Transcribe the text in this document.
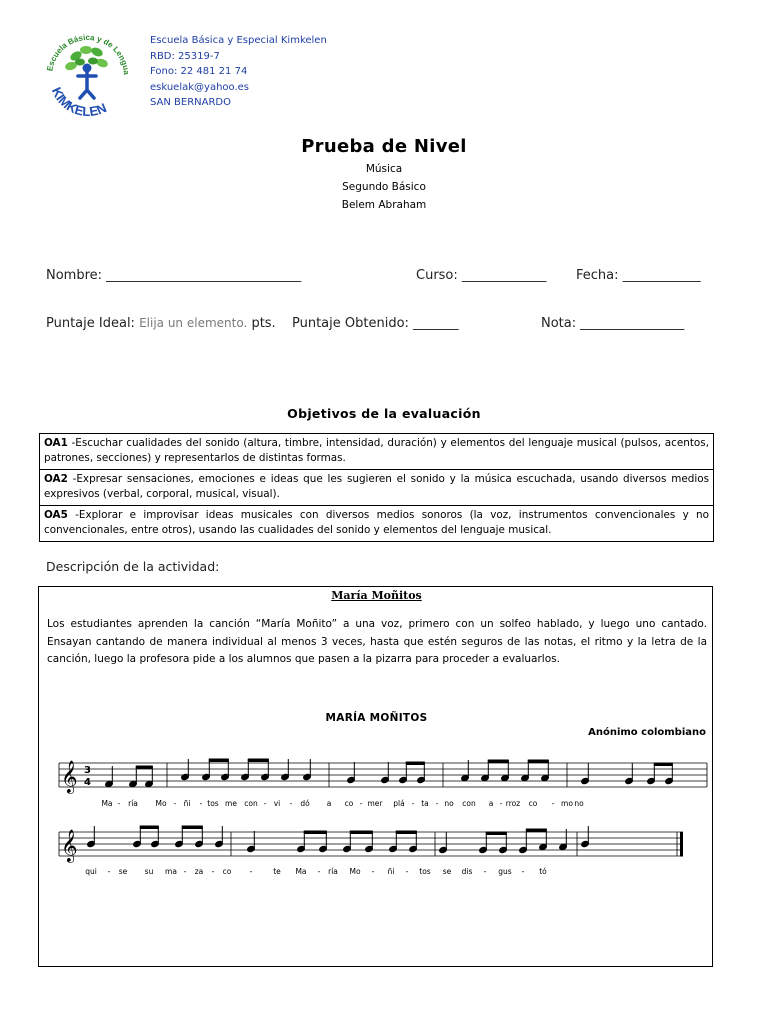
Escuela Básica y de Lengua
KIMKELEN
Escuela Básica y Especial Kimkelen
RBD: 25319-7
Fono: 22 481 21 74
eskuelak@yahoo.es
SAN BERNARDO
Prueba de Nivel
Música
Segundo Básico
Belem Abraham
Nombre: ______________________________	Curso: _____________ Fecha: ____________
Puntaje Ideal: Elija un elemento. pts. Puntaje Obtenido: _______	Nota: ________________
Objetivos de la evaluación
OA1 -Escuchar cualidades del sonido (altura, timbre, intensidad, duración) y elementos del lenguaje musical (pulsos, acentos, patrones, secciones) y representarlos de distintas formas.
OA2 -Expresar sensaciones, emociones e ideas que les sugieren el sonido y la música escuchada, usando diversos medios expresivos (verbal, corporal, musical, visual).
OA5 -Explorar e improvisar ideas musicales con diversos medios sonoros (la voz, instrumentos convencionales y no convencionales, entre otros), usando las cualidades del sonido y elementos del lenguaje musical.
Descripción de la actividad:
María Moñitos
Los estudiantes aprenden la canción “María Moñito” a una voz, primero con un solfeo hablado, y luego uno cantado. Ensayan cantando de manera individual al menos 3 veces, hasta que estén seguros de las notas, el ritmo y la letra de la canción, luego la profesora pide a los alumnos que pasen a la pizarra para proceder a evaluarlos.
MARÍA MOÑITOS
Anónimo colombiano
𝄞 3
4
Ma - ría Mo - ñi - tos me con - vi - dó a co - mer plá - ta - no con a - rroz co - mo no
𝄞
qui - se su ma - za - co -	te Ma - ría Mo - ñi - tos se dis - gus - tó
